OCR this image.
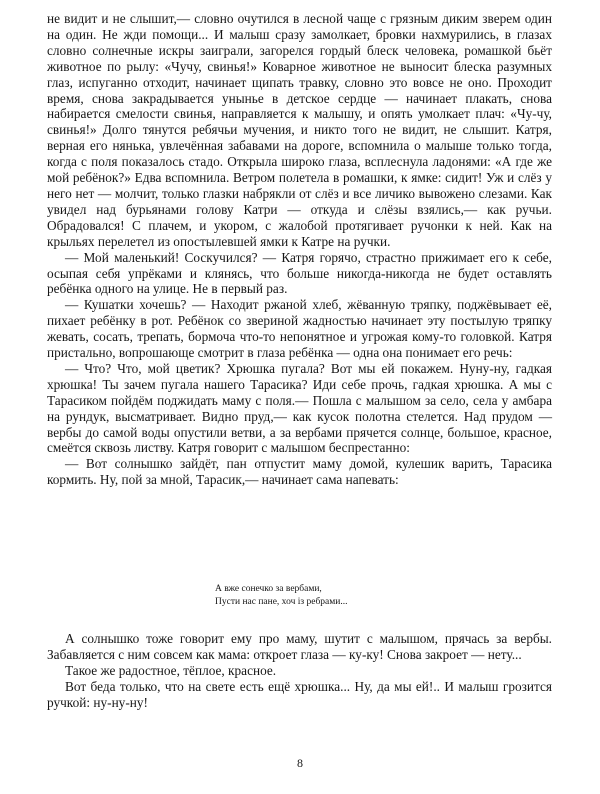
не видит и не слышит,— словно очутился в лесной чаще с грязным диким зверем один на один. Не жди помощи... И малыш сразу замолкает, бровки нахмурились, в глазах словно солнечные искры заиграли, загорелся гордый блеск человека, ромашкой бьёт животное по рылу: «Чучу, свинья!» Коварное животное не выносит блеска разумных глаз, испуганно отходит, начинает щипать травку, словно это вовсе не оно. Проходит время, снова закрадывается уныньe в детское сердце — начинает плакать, снова набирается смелости свинья, направляется к малышу, и опять умолкает плач: «Чу-чу, свинья!» Долго тянутся ребячьи мучения, и никто того не видит, не слышит. Катря, верная его нянька, увлечённая забавами на дороге, вспомнила о малыше только тогда, когда с поля показалось стадо. Открыла широко глаза, всплеснула ладонями: «А где же мой ребёнок?» Едва вспомнила. Ветром полетела в ромашки, к ямке: сидит! Уж и слёз у него нет — молчит, только глазки набрякли от слёз и все личико вывожено слезами. Как увидел над бурьянами голову Катри — откуда и слёзы взялись,— как ручьи. Обрадовался! С плачем, и укором, с жалобой протягивает ручонки к ней. Как на крыльях перелетел из опостылевшей ямки к Катре на ручки.

— Мой маленький! Соскучился? — Катря горячо, страстно прижимает его к себе, осыпая себя упрёками и клянясь, что больше никогда-никогда не будет оставлять ребёнка одного на улице. Не в первый раз.

— Кушатки хочешь? — Находит ржаной хлеб, жёванную тряпку, поджёвывает её, пихает ребёнку в рот. Ребёнок со звериной жадностью начинает эту постылую тряпку жевать, сосать, трепать, бормоча что-то непонятное и угрожая кому-то головкой. Катря пристально, вопрошающе смотрит в глаза ребёнка — одна она понимает его речь:

— Что? Что, мой цветик? Хрюшка пугала? Вот мы ей покажем. Нуну-ну, гадкая хрюшка! Ты зачем пугала нашего Тарасика? Иди себе прочь, гадкая хрюшка. А мы с Тарасиком пойдём поджидать маму с поля.— Пошла с малышом за село, села у амбара на рундук, высматривает. Видно пруд,— как кусок полотна стелется. Над прудом — вербы до самой воды опустили ветви, а за вербами прячется солнце, большое, красное, смеётся сквозь листву. Катря говорит с малышом беспрестанно:

— Вот солнышко зайдёт, пан отпустит маму домой, кулешик варить, Тарасика кормить. Ну, пой за мной, Тарасик,— начинает сама напевать:

А вже сонечко за вербами,
Пусти нас пане, хоч із ребрами...

А солнышко тоже говорит ему про маму, шутит с малышом, прячась за вербы. Забавляется с ним совсем как мама: откроет глаза — ку-ку! Снова закроет — нету...

Такое же радостное, тёплое, красное.

Вот беда только, что на свете есть ещё хрюшка... Ну, да мы ей!.. И малыш грозится ручкой: ну-ну-ну!

8
